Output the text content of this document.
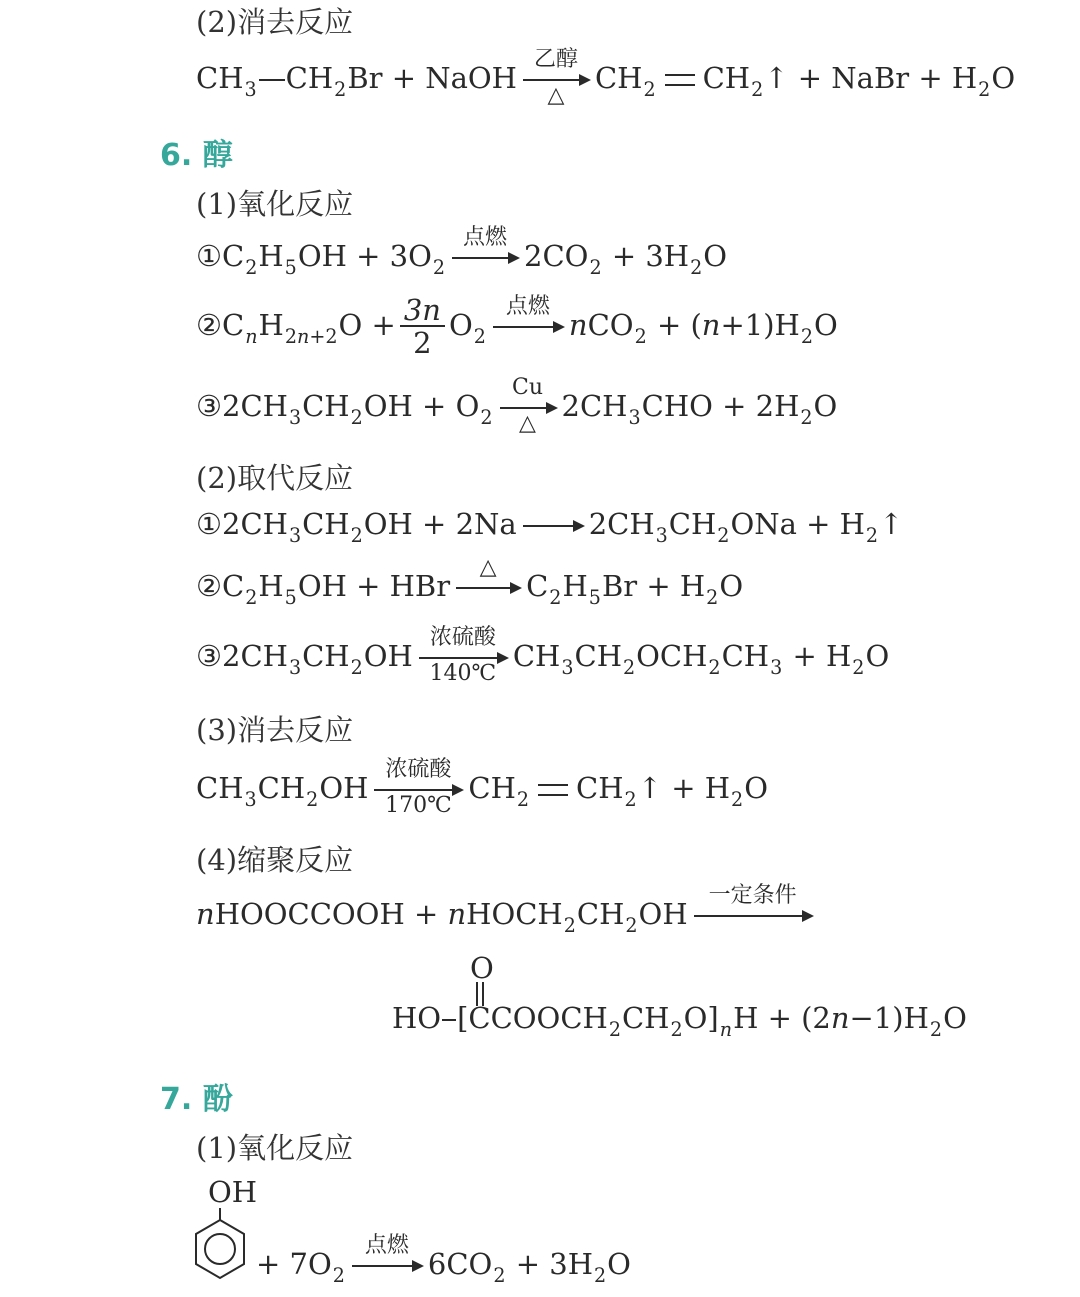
(2)消去反应
$CH_3$ $CH_2Br$ + NaOH
乙醇
△
$CH_2$ $CH_2↑$ + NaBr + $H_2O$
6. 醇
(1)氧化反应
$①C_2H_5OH + 3O_2$
点燃
$2CO_2 + 3H_2O$
$②C_nH_{2n+2}O + \frac{3n}{2} O_2$
点燃
$nCO_2 + (n+1)H_2O$
$③2CH_3CH_2OH + O_2$
Cu
△
$2CH_3CHO + 2H_2O$
(2)取代反应
$①2CH_3CH_2OH + 2Na \to 2CH_3CH_2ONa$ + $H_2↑$
$②C_2H_5OH$ + HBr
△
$C_2H_5Br + H_2O$
$③2CH_3CH_2OH$
浓硫酸
140℃
$CH_3CH_2OCH_2CH_3 + H_2O$
(3)消去反应
$CH_3CH_2OH$
浓硫酸
170℃
$CH_2$ $CH_2↑ + H_2O$
(4)缩聚反应
nHOOCCOOH + $nHOCH_2CH_2OH$
一定条件
O
HO $[CCOOCH_2CH_2O]_nH + (2n-1)H_2O$
7. 酚
(1)氧化反应
OH
+ $7O_2$
点燃
$6CO_2 + 3H_2O$
